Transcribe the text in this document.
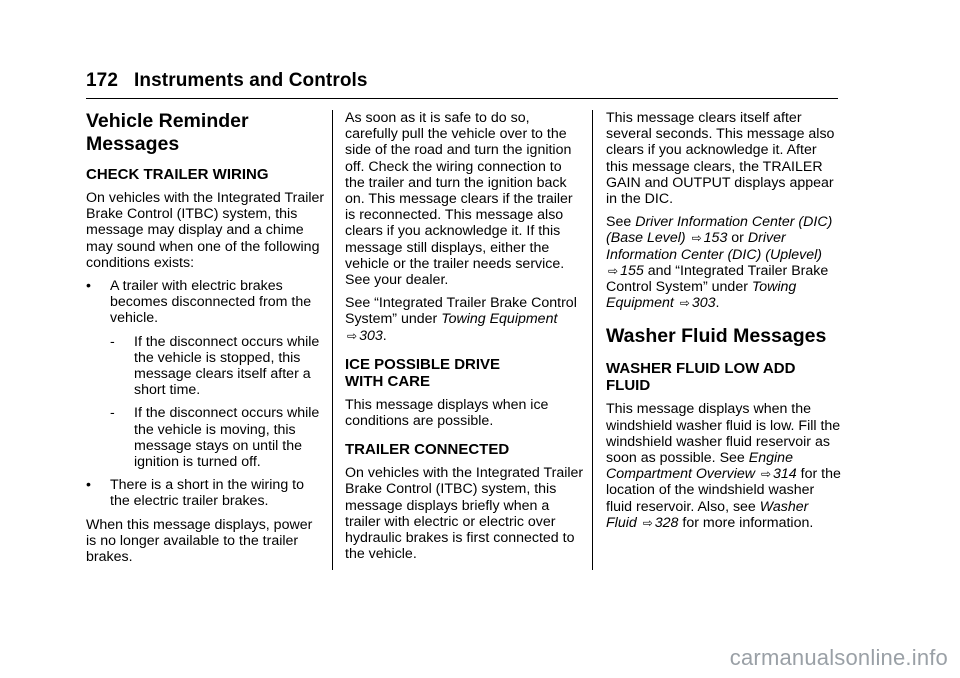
172 Instruments and Controls
Vehicle Reminder
Messages
CHECK TRAILER WIRING

On vehicles with the Integrated Trailer Brake Control (ITBC) system, this message may display and a chime may sound when one of the following conditions exists:

• A trailer with electric brakes becomes disconnected from the vehicle.
- If the disconnect occurs while the vehicle is stopped, this message clears itself after a short time.
- If the disconnect occurs while the vehicle is moving, this message stays on until the ignition is turned off.
• There is a short in the wiring to the electric trailer brakes.

When this message displays, power is no longer available to the trailer brakes.

As soon as it is safe to do so, carefully pull the vehicle over to the side of the road and turn the ignition off. Check the wiring connection to the trailer and turn the ignition back on. This message clears if the trailer is reconnected. This message also clears if you acknowledge it. If this message still displays, either the vehicle or the trailer needs service. See your dealer.

See “Integrated Trailer Brake Control System” under Towing Equipment ⇨ 303.

ICE POSSIBLE DRIVE
WITH CARE

This message displays when ice conditions are possible.

TRAILER CONNECTED

On vehicles with the Integrated Trailer Brake Control (ITBC) system, this message displays briefly when a trailer with electric or electric over hydraulic brakes is first connected to the vehicle.

This message clears itself after several seconds. This message also clears if you acknowledge it. After this message clears, the TRAILER GAIN and OUTPUT displays appear in the DIC.

See Driver Information Center (DIC) (Base Level) ⇨ 153 or Driver Information Center (DIC) (Uplevel) ⇨ 155 and “Integrated Trailer Brake Control System” under Towing Equipment ⇨ 303.

Washer Fluid Messages
WASHER FLUID LOW ADD
FLUID

This message displays when the windshield washer fluid is low. Fill the windshield washer fluid reservoir as soon as possible. See Engine Compartment Overview ⇨ 314 for the location of the windshield washer fluid reservoir. Also, see Washer Fluid ⇨ 328 for more information.

carmanualsonline.info
